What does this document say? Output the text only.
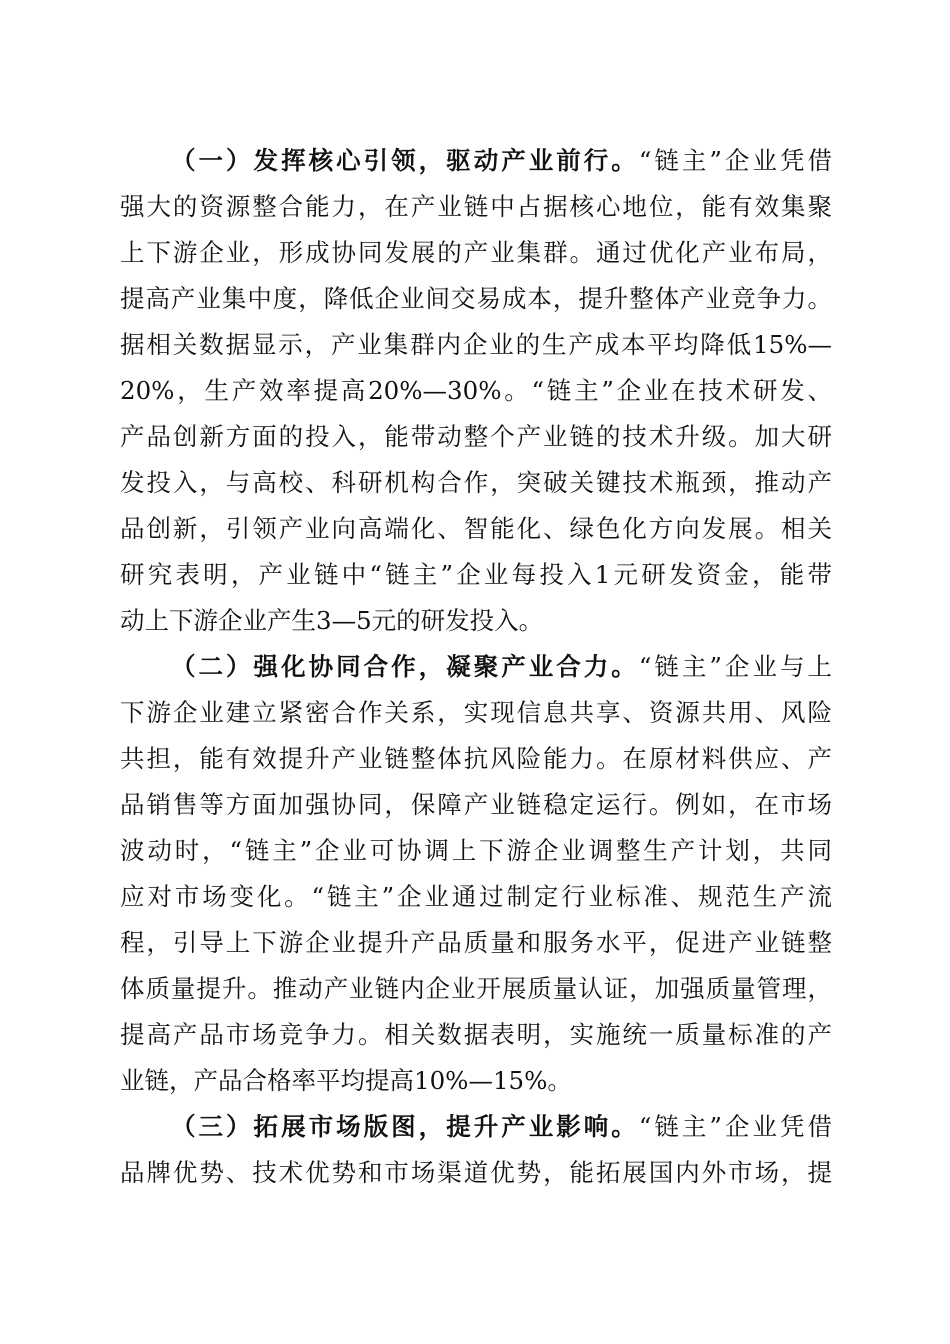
（一）发挥核心引领，驱动产业前行。“链主”企业凭借
强大的资源整合能力，在产业链中占据核心地位，能有效集聚
上下游企业，形成协同发展的产业集群。通过优化产业布局，
提高产业集中度，降低企业间交易成本，提升整体产业竞争力。
据相关数据显示，产业集群内企业的生产成本平均降低15%—
20%，生产效率提高20%—30%。“链主”企业在技术研发、
产品创新方面的投入，能带动整个产业链的技术升级。加大研
发投入，与高校、科研机构合作，突破关键技术瓶颈，推动产
品创新，引领产业向高端化、智能化、绿色化方向发展。相关
研究表明，产业链中“链主”企业每投入1元研发资金，能带
动上下游企业产生3—5元的研发投入。
（二）强化协同合作，凝聚产业合力。“链主”企业与上
下游企业建立紧密合作关系，实现信息共享、资源共用、风险
共担，能有效提升产业链整体抗风险能力。在原材料供应、产
品销售等方面加强协同，保障产业链稳定运行。例如，在市场
波动时，“链主”企业可协调上下游企业调整生产计划，共同
应对市场变化。“链主”企业通过制定行业标准、规范生产流
程，引导上下游企业提升产品质量和服务水平，促进产业链整
体质量提升。推动产业链内企业开展质量认证，加强质量管理，
提高产品市场竞争力。相关数据表明，实施统一质量标准的产
业链，产品合格率平均提高10%—15%。
（三）拓展市场版图，提升产业影响。“链主”企业凭借
品牌优势、技术优势和市场渠道优势，能拓展国内外市场，提
